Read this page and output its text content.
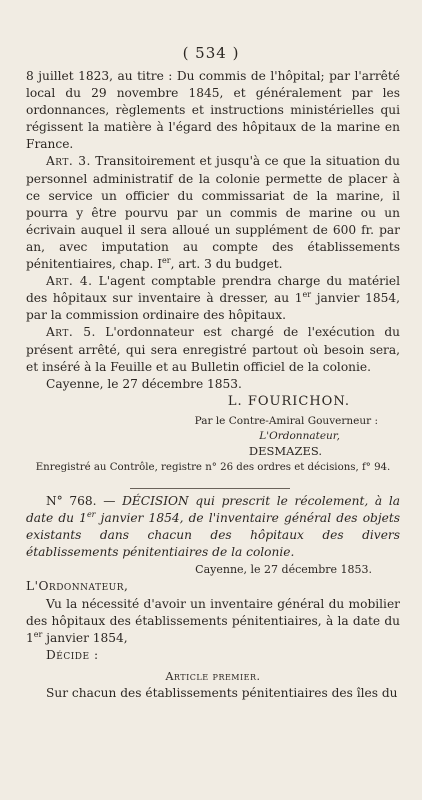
( 534 )

8 juillet 1823, au titre : Du commis de l'hôpital; par l'arrêté local du 29 novembre 1845, et généralement par les ordonnances, règlements et instructions ministérielles qui régissent la matière à l'égard des hôpitaux de la marine en France.

Art. 3. Transitoirement et jusqu'à ce que la situation du personnel administratif de la colonie permette de placer à ce service un officier du commissariat de la marine, il pourra y être pourvu par un commis de marine ou un écrivain auquel il sera alloué un supplément de 600 fr. par an, avec imputation au compte des établissements pénitentiaires, chap. Ier, art. 3 du budget.

Art. 4. L'agent comptable prendra charge du matériel des hôpitaux sur inventaire à dresser, au 1er janvier 1854, par la commission ordinaire des hôpitaux.

Art. 5. L'ordonnateur est chargé de l'exécution du présent arrêté, qui sera enregistré partout où besoin sera, et inséré à la Feuille et au Bulletin officiel de la colonie.

Cayenne, le 27 décembre 1853.

L. FOURICHON.

Par le Contre-Amiral Gouverneur :

L'Ordonnateur,

DESMAZES.

Enregistré au Contrôle, registre n° 26 des ordres et décisions, f° 94.

N° 768. — DÉCISION qui prescrit le récolement, à la date du 1er janvier 1854, de l'inventaire général des objets existants dans chacun des hôpitaux des divers établissements pénitentiaires de la colonie.

Cayenne, le 27 décembre 1853.

L'Ordonnateur,

Vu la nécessité d'avoir un inventaire général du mobilier des hôpitaux des établissements pénitentiaires, à la date du 1er janvier 1854,

Décide :

Article premier.

Sur chacun des établissements pénitentiaires des îles du
